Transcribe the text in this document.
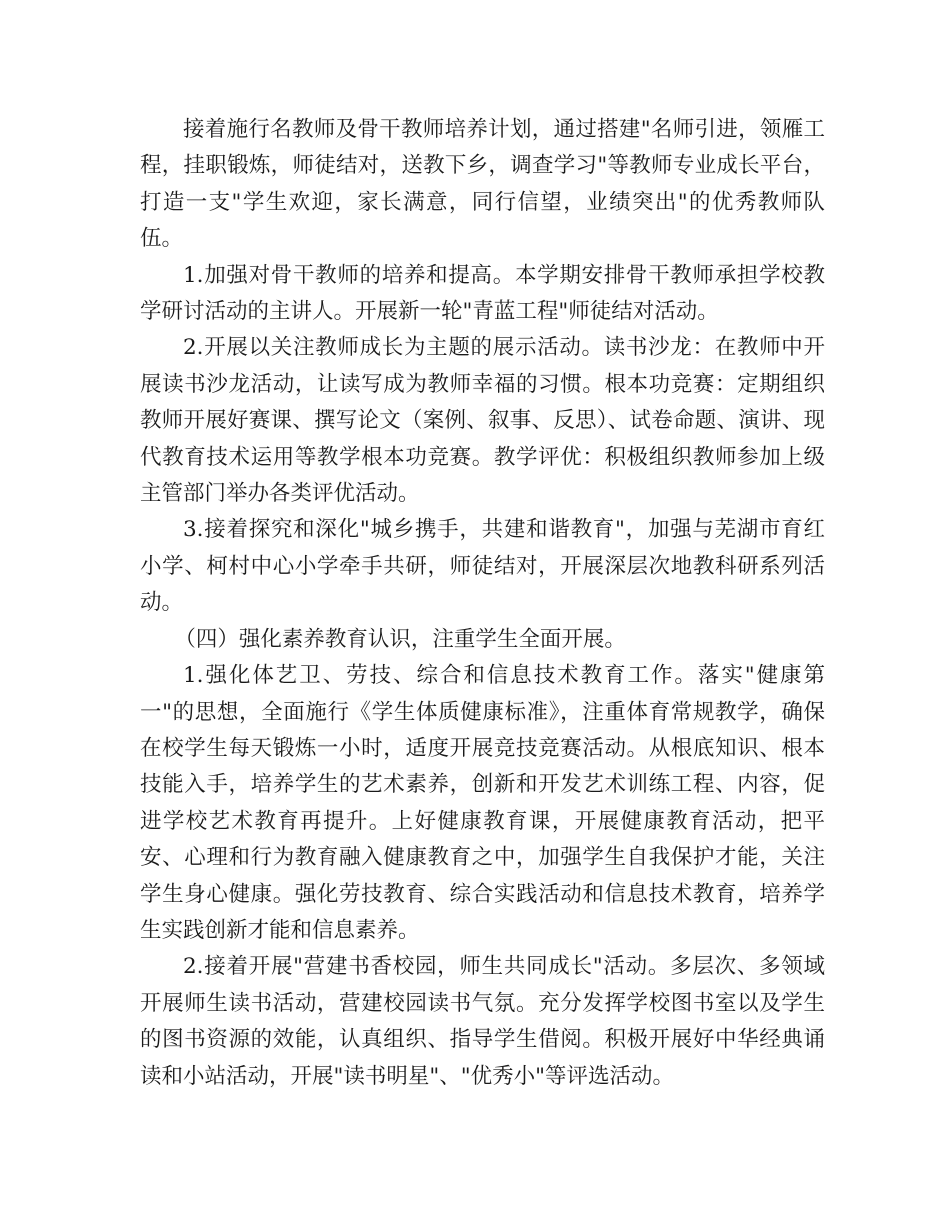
接着施行名教师及骨干教师培养计划，通过搭建"名师引进，领雁工程，挂职锻炼，师徒结对，送教下乡，调查学习"等教师专业成长平台，打造一支"学生欢迎，家长满意，同行信望，业绩突出"的优秀教师队伍。

1.加强对骨干教师的培养和提高。本学期安排骨干教师承担学校教学研讨活动的主讲人。开展新一轮"青蓝工程"师徒结对活动。

2.开展以关注教师成长为主题的展示活动。读书沙龙：在教师中开展读书沙龙活动，让读写成为教师幸福的习惯。根本功竞赛：定期组织教师开展好赛课、撰写论文（案例、叙事、反思）、试卷命题、演讲、现代教育技术运用等教学根本功竞赛。教学评优：积极组织教师参加上级主管部门举办各类评优活动。

3.接着探究和深化"城乡携手，共建和谐教育"，加强与芜湖市育红小学、柯村中心小学牵手共研，师徒结对，开展深层次地教科研系列活动。

（四）强化素养教育认识，注重学生全面开展。

1.强化体艺卫、劳技、综合和信息技术教育工作。落实"健康第一"的思想，全面施行《学生体质健康标准》，注重体育常规教学，确保在校学生每天锻炼一小时，适度开展竞技竞赛活动。从根底知识、根本技能入手，培养学生的艺术素养，创新和开发艺术训练工程、内容，促进学校艺术教育再提升。上好健康教育课，开展健康教育活动，把平安、心理和行为教育融入健康教育之中，加强学生自我保护才能，关注学生身心健康。强化劳技教育、综合实践活动和信息技术教育，培养学生实践创新才能和信息素养。

2.接着开展"营建书香校园，师生共同成长"活动。多层次、多领域开展师生读书活动，营建校园读书气氛。充分发挥学校图书室以及学生的图书资源的效能，认真组织、指导学生借阅。积极开展好中华经典诵读和小站活动，开展"读书明星"、"优秀小"等评选活动。
